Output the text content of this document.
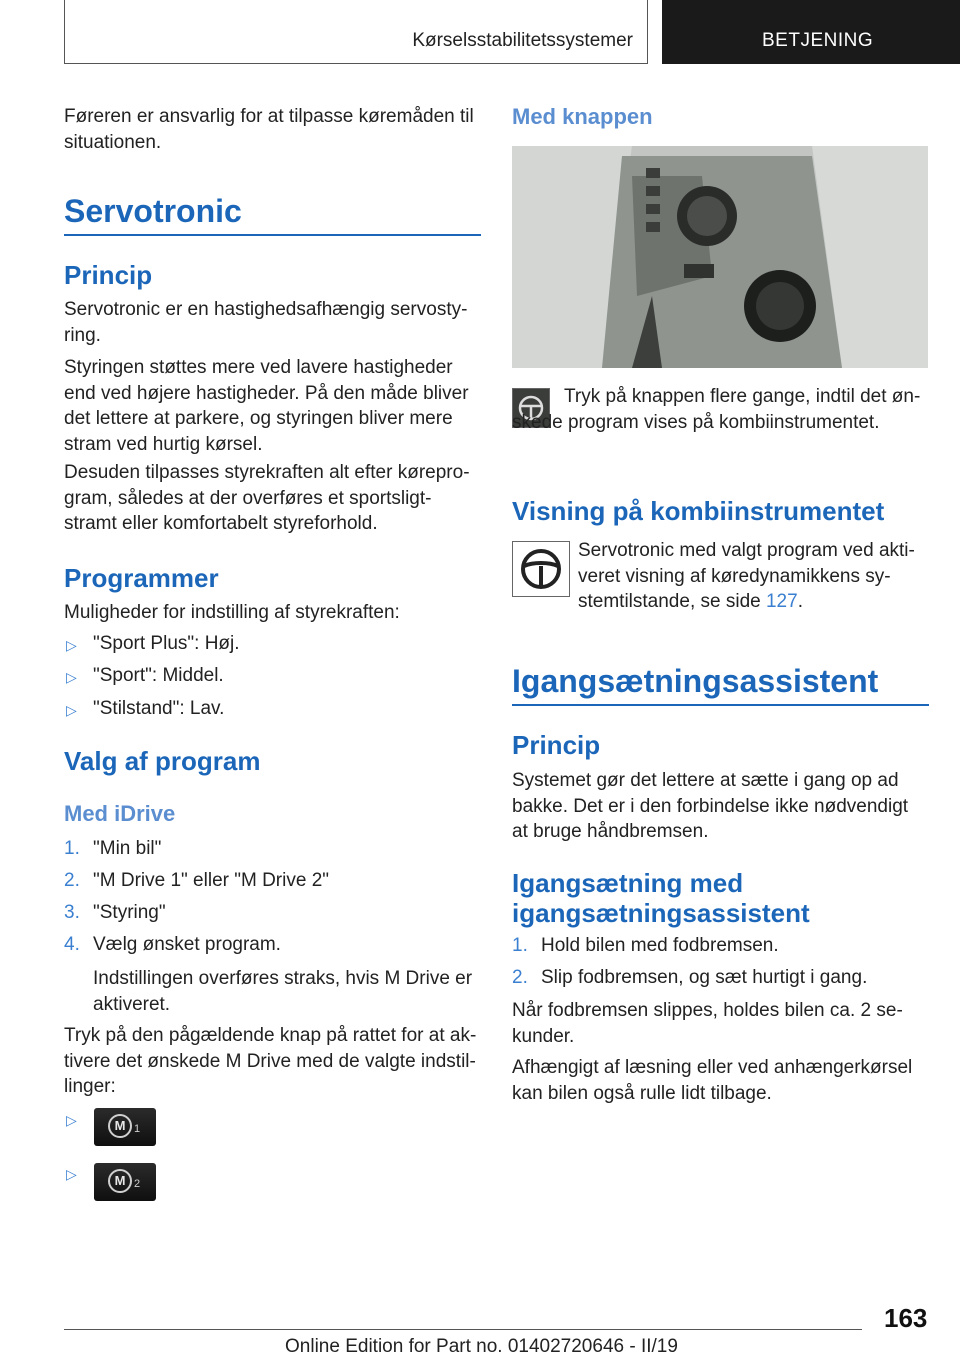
Kørselsstabilitetssystemer	BETJENING

Føreren er ansvarlig for at tilpasse køremåden til situationen.

Servotronic
Princip

Servotronic er en hastighedsafhængig servostyring.

Styringen støttes mere ved lavere hastigheder end ved højere hastigheder. På den måde bliver det lettere at parkere, og styringen bliver mere stram ved hurtig kørsel.

Desuden tilpasses styrekraften alt efter køreprogram, således at der overføres et sportsligt- stramt eller komfortabelt styreforhold.

Programmer

Muligheder for indstilling af styrekraften:

▷ "Sport Plus": Høj.
▷ "Sport": Middel.
▷ "Stilstand": Lav.
Valg af program
Med iDrive
1. "Min bil"
2. "M Drive 1" eller "M Drive 2"
3. "Styring"
4. Vælg ønsket program.

Indstillingen overføres straks, hvis M Drive er aktiveret.

Tryk på den pågældende knap på rattet for at aktivere det ønskede M Drive med de valgte indstillinger:

▷	M 1
▷	M 2
Med knappen

Tryk på knappen flere gange, indtil det ønskede program vises på kombiinstrumentet.

Visning på kombiinstrumentet

Servotronic med valgt program ved aktiveret visning af køredynamikkens systemtilstande, se side 127.

Igangsætningsassistent
Princip

Systemet gør det lettere at sætte i gang op ad bakke. Det er i den forbindelse ikke nødvendigt at bruge håndbremsen.

Igangsætning med
igangsætningsassistent
1. Hold bilen med fodbremsen.
2. Slip fodbremsen, og sæt hurtigt i gang.

Når fodbremsen slippes, holdes bilen ca. 2 sekunder.

Afhængigt af læsning eller ved anhængerkørsel kan bilen også rulle lidt tilbage.

163
Online Edition for Part no. 01402720646 - II/19
